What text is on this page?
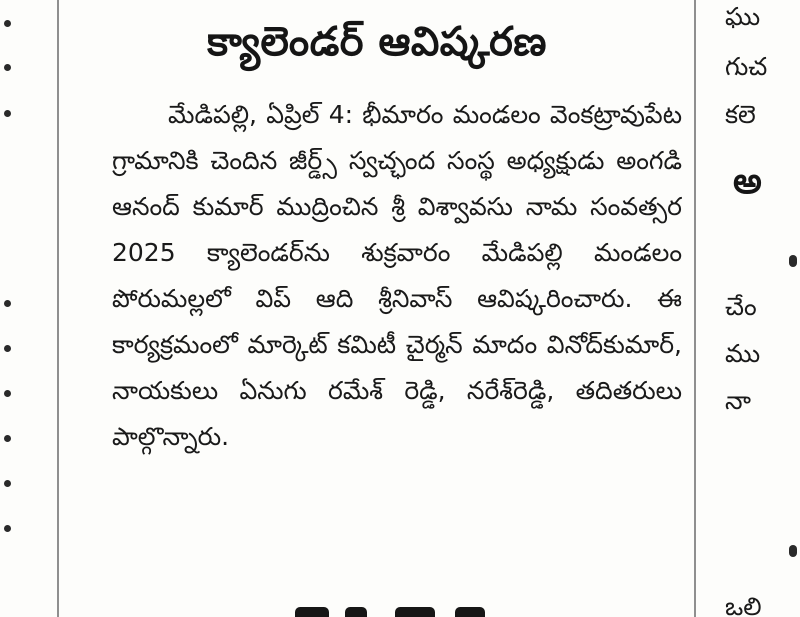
క్యాలెండర్ ఆవిష్కరణ

మేడిపల్లి, ఏప్రిల్ 4: భీమారం మండలం వెంకట్రావుపేట గ్రామానికి చెందిన జీర్డ్స్ స్వచ్ఛంద సంస్థ అధ్యక్షుడు అంగడి ఆనంద్ కుమార్ ముద్రించిన శ్రీ విశ్వావసు నామ సంవత్సర 2025 క్యాలెండర్‌ను శుక్రవారం మేడిపల్లి మండలం పోరుమల్లలో విప్ ఆది శ్రీనివాస్ ఆవిష్కరించారు. ఈ కార్యక్రమంలో మార్కెట్ కమిటీ చైర్మన్ మాదం వినోద్‌కుమార్, నాయకులు ఏనుగు రమేశ్ రెడ్డి, నరేశ్‌రెడ్డి, తదితరులు పాల్గొన్నారు.

ఘు
గుచ
కలె
అ
చేం
ము
నా
ఒలి
